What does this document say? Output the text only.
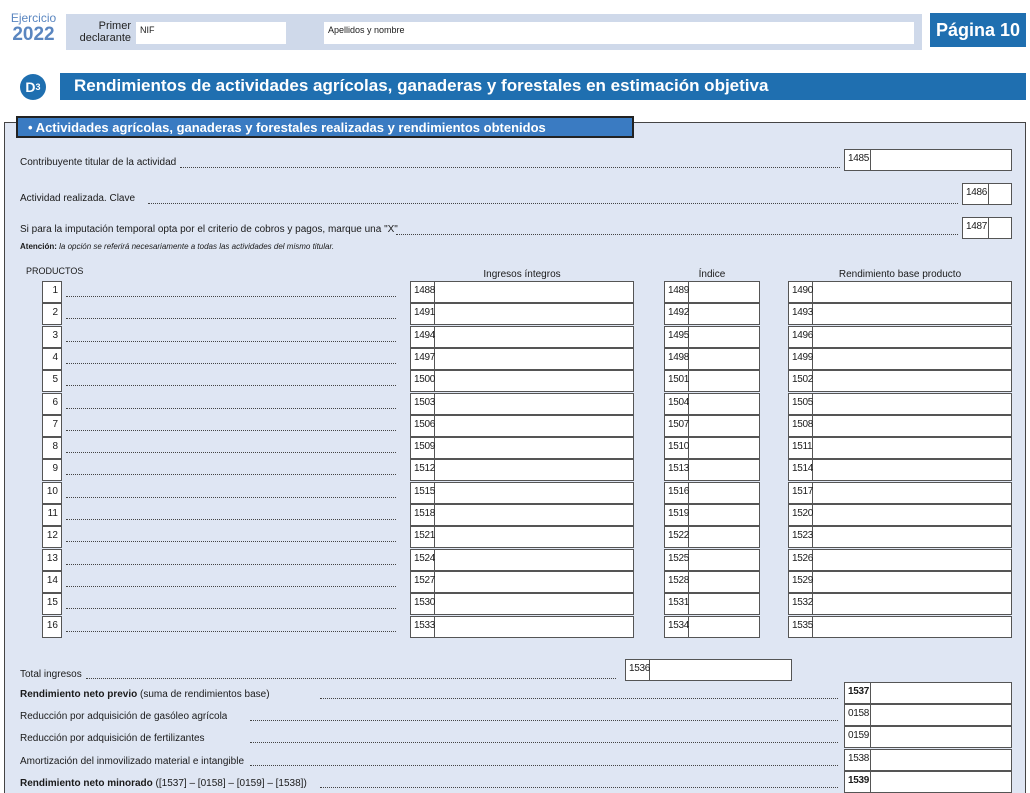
Ejercicio
2022	Primer declarante
NIF	Apellidos y nombre	Página 10
D 3	Rendimientos de actividades agrícolas, ganaderas y forestales en estimación objetiva
• Actividades agrícolas, ganaderas y forestales realizadas y rendimientos obtenidos
Contribuyente titular de la actividad	1485
Actividad realizada. Clave
1486
Si para la imputación temporal opta por el criterio de cobros y pagos, marque una "X"	1487
Atención: la opción se referirá necesariamente a todas las actividades del mismo titular.
PRODUCTOS	Ingresos íntegros	Índice	Rendimiento base producto
1	1488	1489	1490
2	1491	1492	1493
3	1494	1495	1496
4	1497	1498	1499
5	1500	1501	1502
6	1503	1504	1505
7	1506	1507	1508
8	1509	1510	1511
9	1512	1513	1514
10	1515	1516	1517
11	1518	1519	1520
12	1521	1522	1523
13	1524	1525	1526
14	1527	1528	1529
15	1530	1531	1532
16	1533	1534	1535
Total ingresos
1536
Rendimiento neto previo (suma de rendimientos base)	1537
Reducción por adquisición de gasóleo agrícola	0158
Reducción por adquisición de fertilizantes	0159
Amortización del inmovilizado material e intangible	1538
Rendimiento neto minorado ([1537] – [0158] – [0159] – [1538])	1539
